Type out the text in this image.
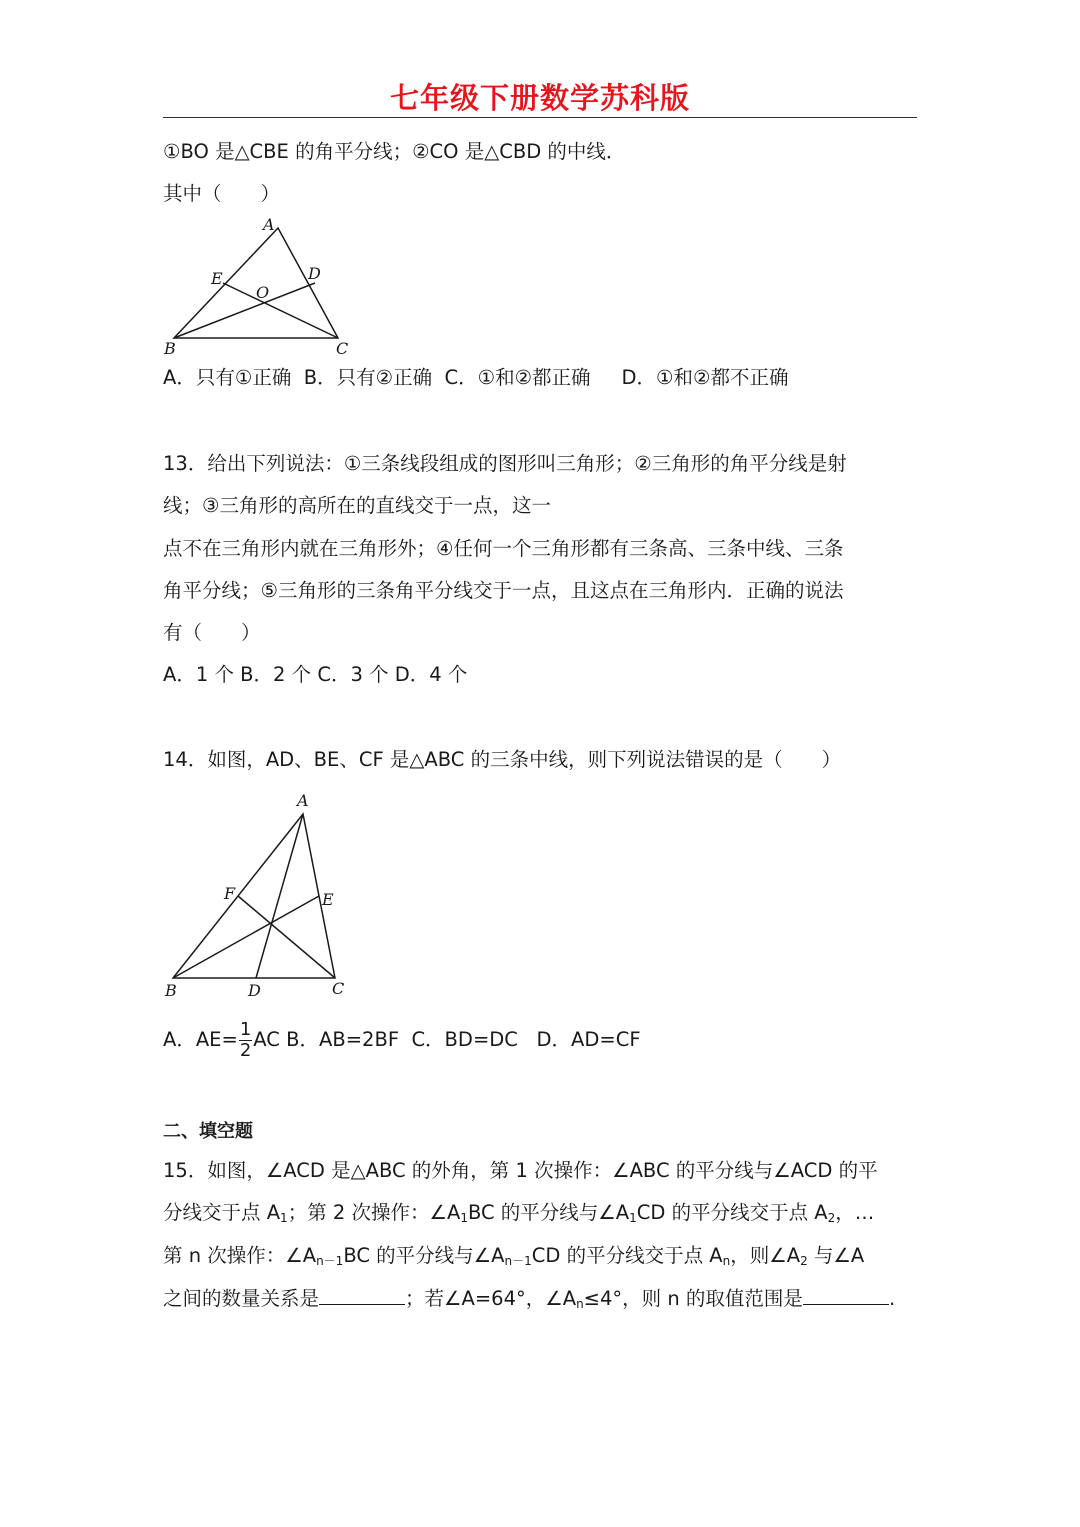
七年级下册数学苏科版
①BO 是△CBE 的角平分线；②CO 是△CBD 的中线．
其中（　　）
A
B	C
D
E
O
A．只有①正确  B．只有②正确  C．①和②都正确     D．①和②都不正确
13．给出下列说法：①三条线段组成的图形叫三角形；②三角形的角平分线是射
线；③三角形的高所在的直线交于一点，这一
点不在三角形内就在三角形外；④任何一个三角形都有三条高、三条中线、三条
角平分线；⑤三角形的三条角平分线交于一点，且这点在三角形内．正确的说法
有（　　）
A．1 个 B．2 个 C．3 个 D．4 个
14．如图，AD、BE、CF 是△ABC 的三条中线，则下列说法错误的是（　　）
A
B	C
D
E
F
A．$AE= \frac{1}{2}$ AC B．AB=2BF  C．BD=DC   D．AD=CF
二、填空题
15．如图，∠ACD 是△ABC 的外角，第 1 次操作：∠ABC 的平分线与∠ACD 的平
分线交于点 $A_1$；第 2 次操作：$\angle A_1BC$ 的平分线与$\angle A_1CD$ 的平分线交于点 $A_2$，…
第 n 次操作：$\angle A_{n-1}BC$ 的平分线与$\angle A_{n-1}CD$ 的平分线交于点 $A_n$，则$\angle A_2$ 与∠A
之间的数量关系是	；若∠A=64°，$\angle A_n\le 4^\circ$，则 n 的取值范围是	.
